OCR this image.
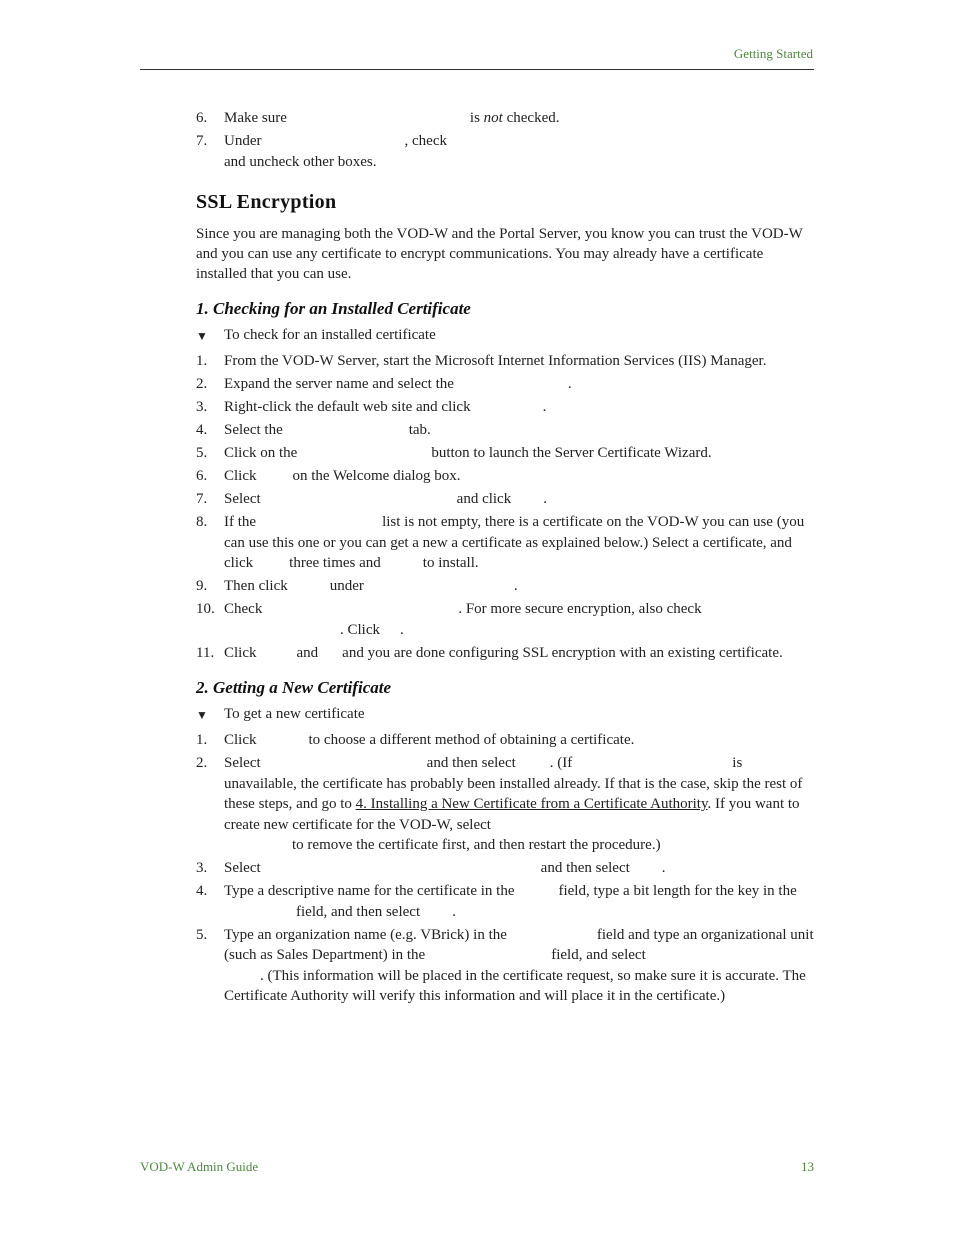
Getting Started
6. Make sure	is not checked.
7. Under	, check
and uncheck other boxes.
SSL Encryption
Since you are managing both the VOD-W and the Portal Server, you know you can trust the VOD-W and you can use any certificate to encrypt communications. You may already have a certificate installed that you can use.
1. Checking for an Installed Certificate
▼ To check for an installed certificate
1. From the VOD-W Server, start the Microsoft Internet Information Services (IIS) Manager.
2. Expand the server name and select the	.
3. Right-click the default web site and click	.
4. Select the	tab.
5. Click on the	button to launch the Server Certificate Wizard.
6. Click on the Welcome dialog box.
7. Select	and click .
8. If the	list is not empty, there is a certificate on the VOD-W you can use (you can use this one or you can get a new a certificate as explained below.) Select a certificate, and click three times and	to install.
9. Then click	under	.
10. Check	. For more secure encryption, also check
. Click .
11. Click	and and you are done configuring SSL encryption with an existing certificate.
2. Getting a New Certificate
▼ To get a new certificate
1. Click	to choose a different method of obtaining a certificate.
2. Select	and then select . (If	is unavailable, the certificate has probably been installed already. If that is the case, skip the rest of these steps, and go to 4. Installing a New Certificate from a Certificate Authority. If you want to create new certificate for the VOD-W, select
to remove the certificate first, and then restart the procedure.)
3. Select	and then select .
4. Type a descriptive name for the certificate in the	field, type a bit length for the key in thefield, and then select .
5. Type an organization name (e.g. VBrick) in the	field and type an organizational unit (such as Sales Department) in the	field, and select
. (This information will be placed in the certificate request, so make sure it is accurate. The Certificate Authority will verify this information and will place it in the certificate.)
VOD-W Admin Guide	13
